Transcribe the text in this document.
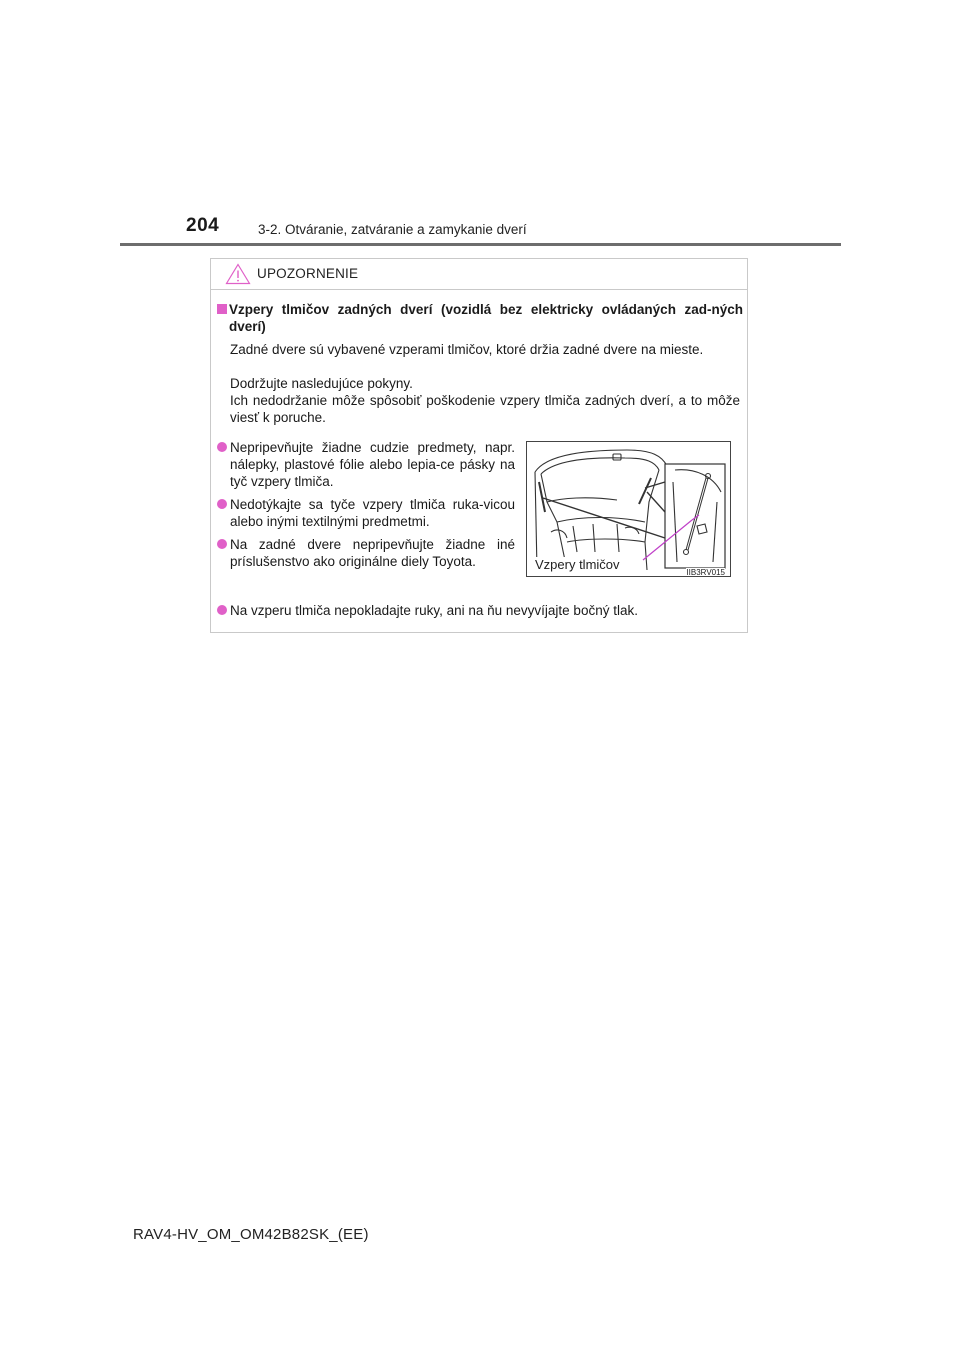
204	3-2. Otváranie, zatváranie a zamykanie dverí
UPOZORNENIE
Vzpery tlmičov zadných dverí (vozidlá bez elektricky ovládaných zad-ných dverí)

Zadné dvere sú vybavené vzperami tlmičov, ktoré držia zadné dvere na mieste.

Dodržujte nasledujúce pokyny.

Ich nedodržanie môže spôsobiť poškodenie vzpery tlmiča zadných dverí, a to môže viesť k poruche.

Nepripevňujte žiadne cudzie predmety, napr. nálepky, plastové fólie alebo lepia-ce pásky na tyč vzpery tlmiča.
Nedotýkajte sa tyče vzpery tlmiča ruka-vicou alebo inými textilnými predmetmi.
Na zadné dvere nepripevňujte žiadne iné príslušenstvo ako originálne diely Toyota.	Vzpery tlmičov
IIB3RV015
Na vzperu tlmiča nepokladajte ruky, ani na ňu nevyvíjajte bočný tlak.
RAV4-HV_OM_OM42B82SK_(EE)
